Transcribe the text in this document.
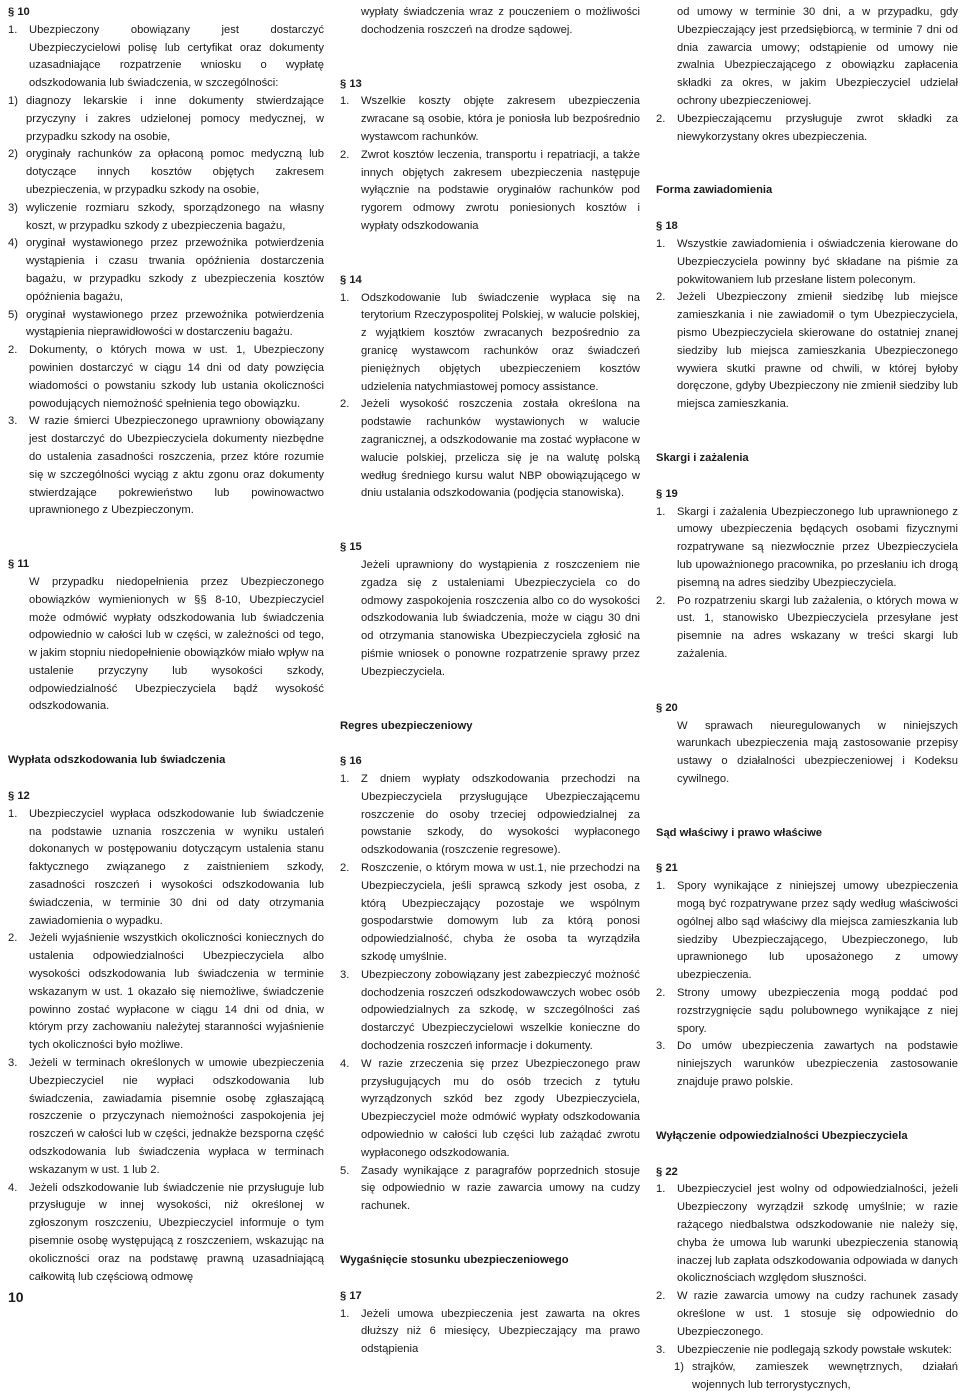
§ 10

1.	Ubezpieczony obowiązany jest dostarczyć Ubezpieczycielowi polisę lub certyfikat oraz dokumenty uzasadniające rozpatrzenie wniosku o wypłatę odszkodowania lub świadczenia, w szczególności:
1) diagnozy lekarskie i inne dokumenty stwierdzające przyczyny i zakres udzielonej pomocy medycznej, w przypadku szkody na osobie,
2) oryginały rachunków za opłaconą pomoc medyczną lub dotyczące innych kosztów objętych zakresem ubezpieczenia, w przypadku szkody na osobie,
3) wyliczenie rozmiaru szkody, sporządzonego na własny koszt, w przypadku szkody z ubezpieczenia bagażu,
4) oryginał wystawionego przez przewoźnika potwierdzenia wystąpienia i czasu trwania opóźnienia dostarczenia bagażu, w przypadku szkody z ubezpieczenia kosztów opóźnienia bagażu,
5) oryginał wystawionego przez przewoźnika potwierdzenia wystąpienia nieprawidłowości w dostarczeniu bagażu.
2.	Dokumenty, o których mowa w ust. 1, Ubezpieczony powinien dostarczyć w ciągu 14 dni od daty powzięcia wiadomości o powstaniu szkody lub ustania okoliczności powodujących niemożność spełnienia tego obowiązku.
3.	W razie śmierci Ubezpieczonego uprawniony obowiązany jest dostarczyć do Ubezpieczyciela dokumenty niezbędne do ustalenia zasadności roszczenia, przez które rozumie się w szczególności wyciąg z aktu zgonu oraz dokumenty stwierdzające pokrewieństwo lub powinowactwo uprawnionego z Ubezpieczonym.

§ 11

W przypadku niedopełnienia przez Ubezpieczonego obowiązków wymienionych w §§ 8-10, Ubezpieczyciel może odmówić wypłaty odszkodowania lub świadczenia odpowiednio w całości lub w części, w zależności od tego, w jakim stopniu niedopełnienie obowiązków miało wpływ na ustalenie przyczyny lub wysokości szkody, odpowiedzialność Ubezpieczyciela bądź wysokość odszkodowania.

Wypłata odszkodowania lub świadczenia

§ 12

1.	Ubezpieczyciel wypłaca odszkodowanie lub świadczenie na podstawie uznania roszczenia w wyniku ustaleń dokonanych w postępowaniu dotyczącym ustalenia stanu faktycznego związanego z zaistnieniem szkody, zasadności roszczeń i wysokości odszkodowania lub świadczenia, w terminie 30 dni od daty otrzymania zawiadomienia o wypadku.
2.	Jeżeli wyjaśnienie wszystkich okoliczności koniecznych do ustalenia odpowiedzialności Ubezpieczyciela albo wysokości odszkodowania lub świadczenia w terminie wskazanym w ust. 1 okazało się niemożliwe, świadczenie powinno zostać wypłacone w ciągu 14 dni od dnia, w którym przy zachowaniu należytej staranności wyjaśnienie tych okoliczności było możliwe.
3.	Jeżeli w terminach określonych w umowie ubezpieczenia Ubezpieczyciel nie wypłaci odszkodowania lub świadczenia, zawiadamia pisemnie osobę zgłaszającą roszczenie o przyczynach niemożności zaspokojenia jej roszczeń w całości lub w części, jednakże bezsporna część odszkodowania lub świadczenia wypłaca w terminach wskazanym w ust. 1 lub 2.
4.	Jeżeli odszkodowanie lub świadczenie nie przysługuje lub przysługuje w innej wysokości, niż określonej w zgłoszonym roszczeniu, Ubezpieczyciel informuje o tym pisemnie osobę występującą z roszczeniem, wskazując na okoliczności oraz na podstawę prawną uzasadniającą całkowitą lub częściową odmowę

wypłaty świadczenia wraz z pouczeniem o możliwości dochodzenia roszczeń na drodze sądowej.

§ 13

1.	Wszelkie koszty objęte zakresem ubezpieczenia zwracane są osobie, która je poniosła lub bezpośrednio wystawcom rachunków.
2.	Zwrot kosztów leczenia, transportu i repatriacji, a także innych objętych zakresem ubezpieczenia następuje wyłącznie na podstawie oryginałów rachunków pod rygorem odmowy zwrotu poniesionych kosztów i wypłaty odszkodowania

§ 14

1.	Odszkodowanie lub świadczenie wypłaca się na terytorium Rzeczypospolitej Polskiej, w walucie polskiej, z wyjątkiem kosztów zwracanych bezpośrednio za granicę wystawcom rachunków oraz świadczeń pieniężnych objętych ubezpieczeniem kosztów udzielenia natychmiastowej pomocy assistance.
2.	Jeżeli wysokość roszczenia została określona na podstawie rachunków wystawionych w walucie zagranicznej, a odszkodowanie ma zostać wypłacone w walucie polskiej, przelicza się je na walutę polską według średniego kursu walut NBP obowiązującego w dniu ustalania odszkodowania (podjęcia stanowiska).

§ 15

Jeżeli uprawniony do wystąpienia z roszczeniem nie zgadza się z ustaleniami Ubezpieczyciela co do odmowy zaspokojenia roszczenia albo co do wysokości odszkodowania lub świadczenia, może w ciągu 30 dni od otrzymania stanowiska Ubezpieczyciela zgłosić na piśmie wniosek o ponowne rozpatrzenie sprawy przez Ubezpieczyciela.

Regres ubezpieczeniowy

§ 16

1.	Z dniem wypłaty odszkodowania przechodzi na Ubezpieczyciela przysługujące Ubezpieczającemu roszczenie do osoby trzeciej odpowiedzialnej za powstanie szkody, do wysokości wypłaconego odszkodowania (roszczenie regresowe).
2.	Roszczenie, o którym mowa w ust.1, nie przechodzi na Ubezpieczyciela, jeśli sprawcą szkody jest osoba, z którą Ubezpieczający pozostaje we wspólnym gospodarstwie domowym lub za którą ponosi odpowiedzialność, chyba że osoba ta wyrządziła szkodę umyślnie.
3.	Ubezpieczony zobowiązany jest zabezpieczyć możność dochodzenia roszczeń odszkodowawczych wobec osób odpowiedzialnych za szkodę, w szczególności zaś dostarczyć Ubezpieczycielowi wszelkie konieczne do dochodzenia roszczeń informacje i dokumenty.
4.	W razie zrzeczenia się przez Ubezpieczonego praw przysługujących mu do osób trzecich z tytułu wyrządzonych szkód bez zgody Ubezpieczyciela, Ubezpieczyciel może odmówić wypłaty odszkodowania odpowiednio w całości lub części lub zażądać zwrotu wypłaconego odszkodowania.
5.	Zasady wynikające z paragrafów poprzednich stosuje się odpowiednio w razie zawarcia umowy na cudzy rachunek.

Wygaśnięcie stosunku ubezpieczeniowego

§ 17

1.	Jeżeli umowa ubezpieczenia jest zawarta na okres dłuższy niż 6 miesięcy, Ubezpieczający ma prawo odstąpienia

od umowy w terminie 30 dni, a w przypadku, gdy Ubezpieczający jest przedsiębiorcą, w terminie 7 dni od dnia zawarcia umowy; odstąpienie od umowy nie zwalnia Ubezpieczającego z obowiązku zapłacenia składki za okres, w jakim Ubezpieczyciel udzielał ochrony ubezpieczeniowej.

2.	Ubezpieczającemu przysługuje zwrot składki za niewykorzystany okres ubezpieczenia.

Forma zawiadomienia

§ 18

1.	Wszystkie zawiadomienia i oświadczenia kierowane do Ubezpieczyciela powinny być składane na piśmie za pokwitowaniem lub przesłane listem poleconym.
2.	Jeżeli Ubezpieczony zmienił siedzibę lub miejsce zamieszkania i nie zawiadomił o tym Ubezpieczyciela, pismo Ubezpieczyciela skierowane do ostatniej znanej siedziby lub miejsca zamieszkania Ubezpieczonego wywiera skutki prawne od chwili, w której byłoby doręczone, gdyby Ubezpieczony nie zmienił siedziby lub miejsca zamieszkania.

Skargi i zażalenia

§ 19

1.	Skargi i zażalenia Ubezpieczonego lub uprawnionego z umowy ubezpieczenia będących osobami fizycznymi rozpatrywane są niezwłocznie przez Ubezpieczyciela lub upoważnionego pracownika, po przesłaniu ich drogą pisemną na adres siedziby Ubezpieczyciela.
2.	Po rozpatrzeniu skargi lub zażalenia, o których mowa w ust. 1, stanowisko Ubezpieczyciela przesyłane jest pisemnie na adres wskazany w treści skargi lub zażalenia.

§ 20

W sprawach nieuregulowanych w niniejszych warunkach ubezpieczenia mają zastosowanie przepisy ustawy o działalności ubezpieczeniowej i Kodeksu cywilnego.

Sąd właściwy i prawo właściwe

§ 21

1.	Spory wynikające z niniejszej umowy ubezpieczenia mogą być rozpatrywane przez sądy według właściwości ogólnej albo sąd właściwy dla miejsca zamieszkania lub siedziby Ubezpieczającego, Ubezpieczonego, lub uprawnionego lub uposażonego z umowy ubezpieczenia.
2.	Strony umowy ubezpieczenia mogą poddać pod rozstrzygnięcie sądu polubownego wynikające z niej spory.
3.	Do umów ubezpieczenia zawartych na podstawie niniejszych warunków ubezpieczenia zastosowanie znajduje prawo polskie.

Wyłączenie odpowiedzialności Ubezpieczyciela

§ 22

1.	Ubezpieczyciel jest wolny od odpowiedzialności, jeżeli Ubezpieczony wyrządził szkodę umyślnie; w razie rażącego niedbalstwa odszkodowanie nie należy się, chyba że umowa lub warunki ubezpieczenia stanowią inaczej lub zapłata odszkodowania odpowiada w danych okolicznościach względom słuszności.
2.	W razie zawarcia umowy na cudzy rachunek zasady określone w ust. 1 stosuje się odpowiednio do Ubezpieczonego.
3.	Ubezpieczenie nie podlegają szkody powstałe wskutek:
1) strajków, zamieszek wewnętrznych, działań wojennych lub terrorystycznych,
10
